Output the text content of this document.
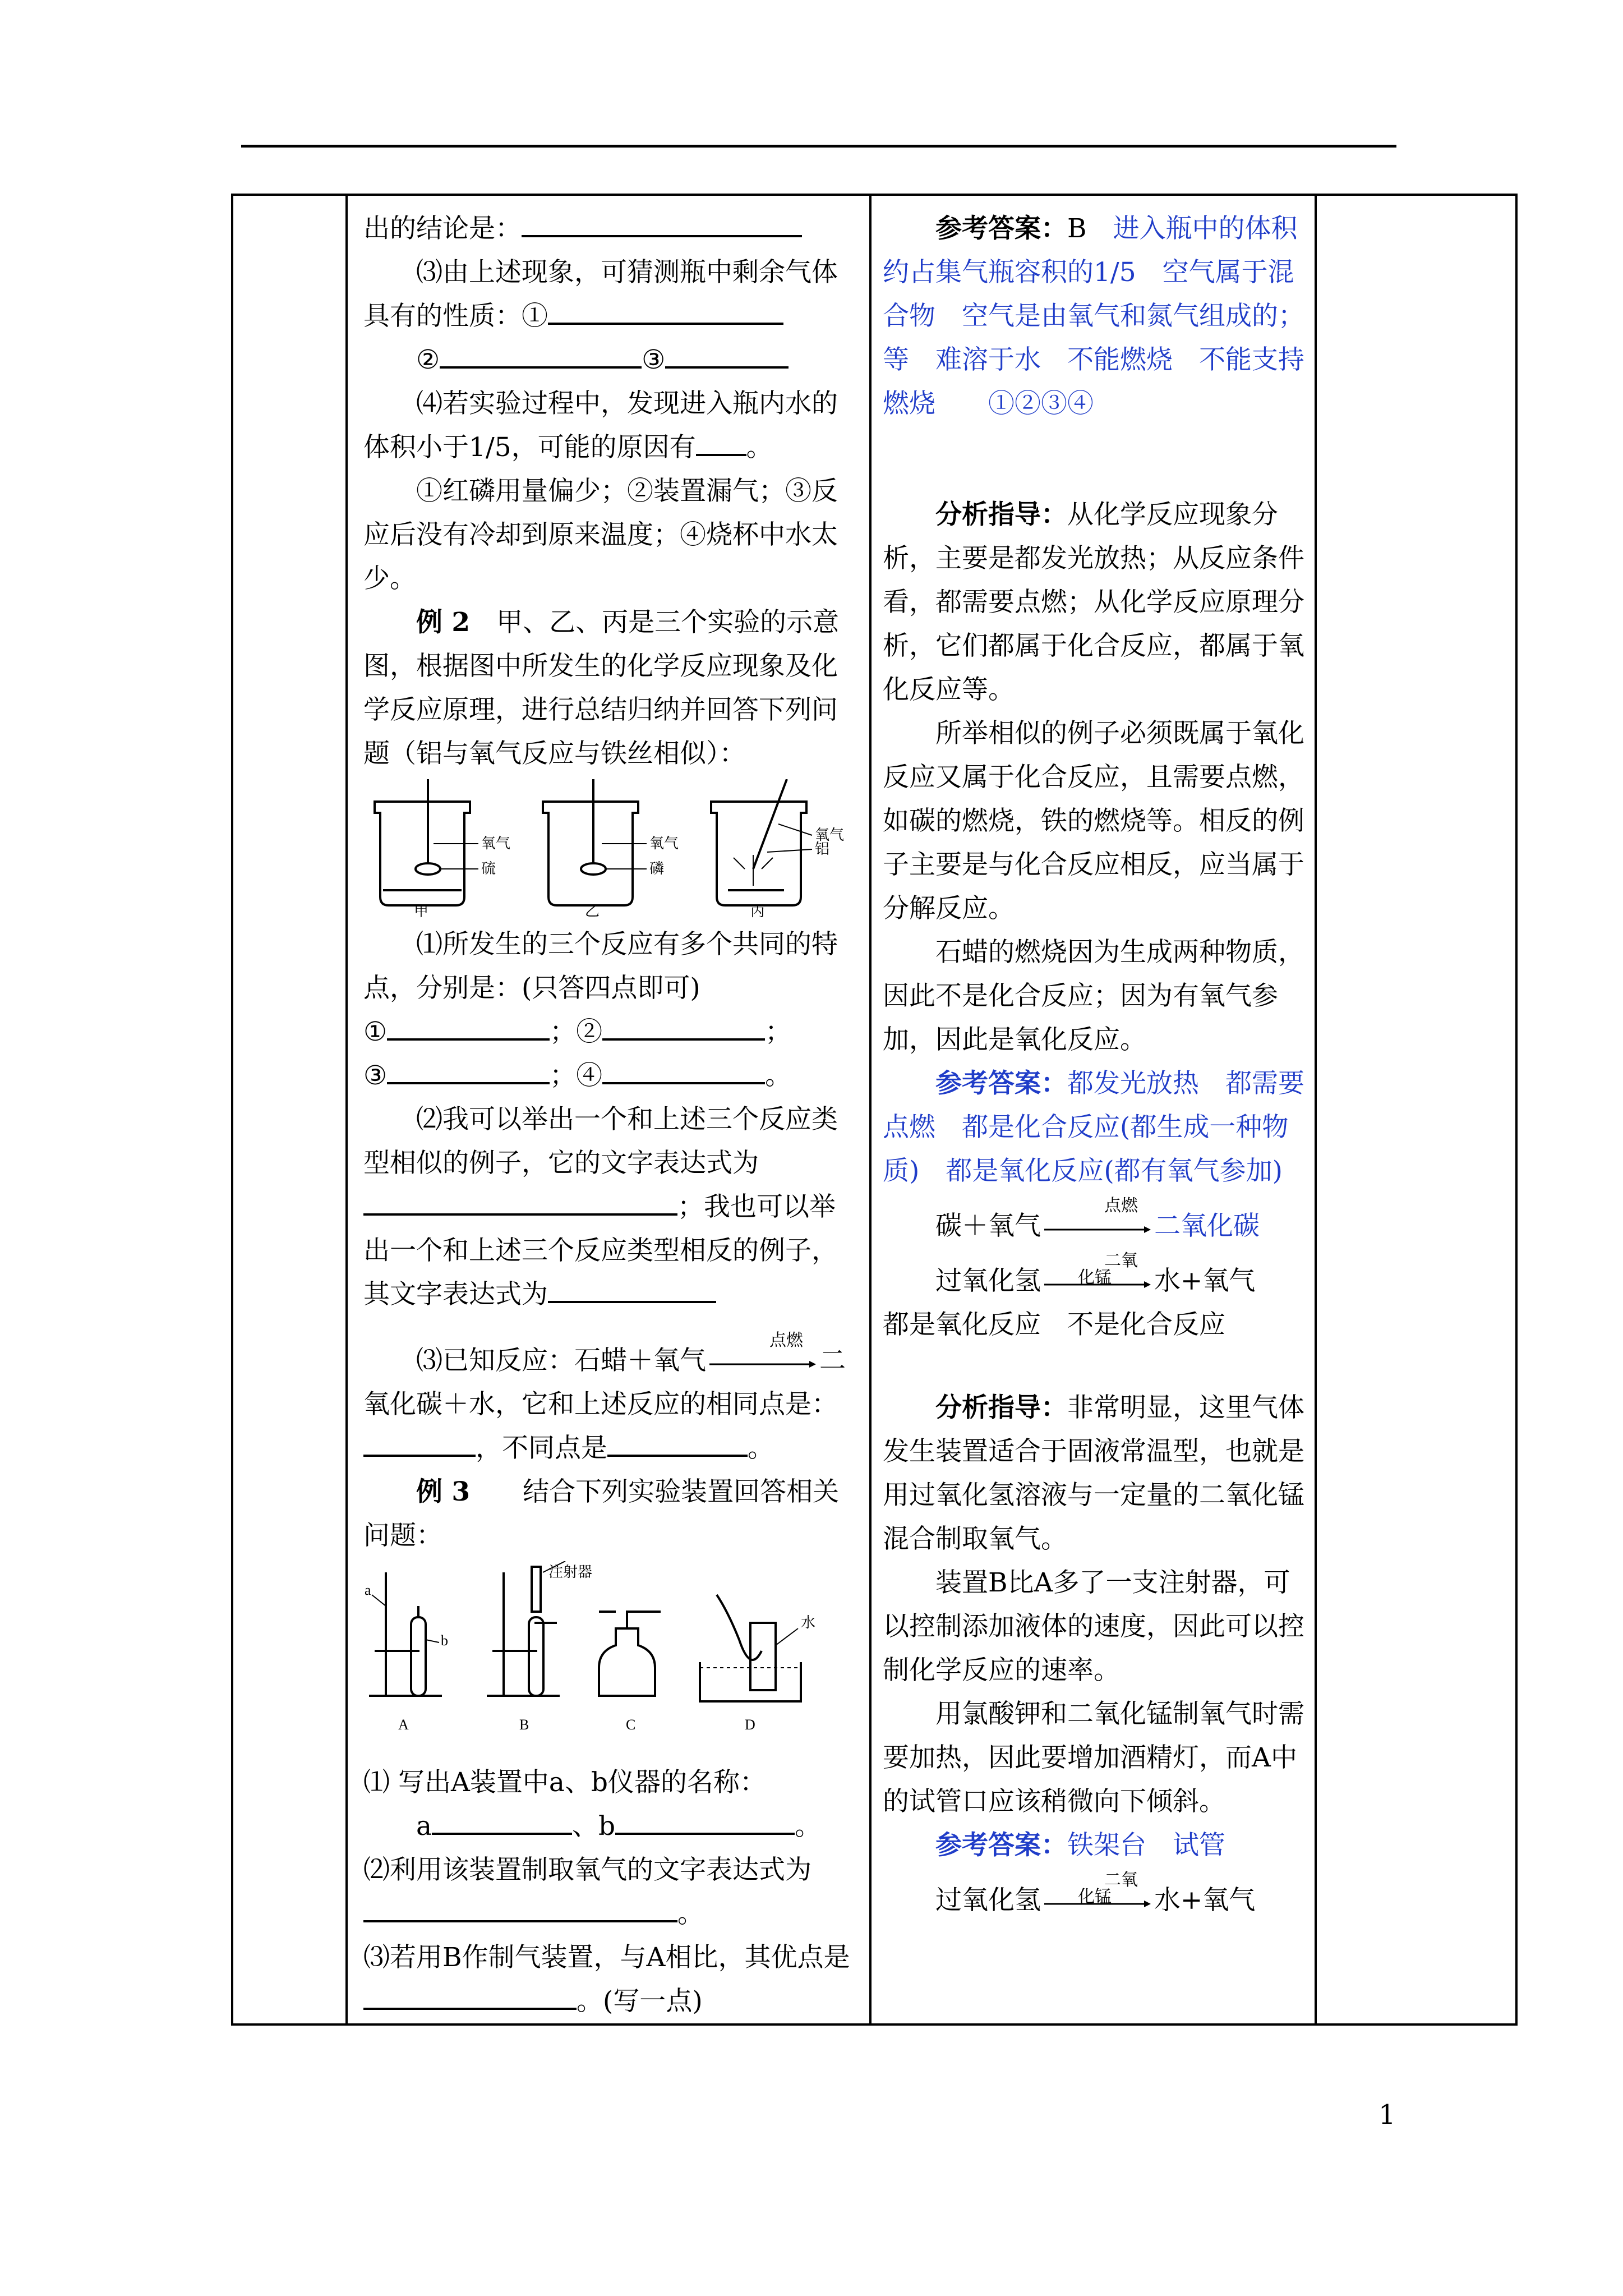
出的结论是：

⑶由上述现象，可猜测瓶中剩余气体具有的性质：①

②	③

⑷若实验过程中，发现进入瓶内水的体积小于1/5，可能的原因有 。

①红磷用量偏少；②装置漏气；③反应后没有冷却到原来温度；④烧杯中水太少。

例 2　 甲、乙、丙是三个实验的示意图，根据图中所发生的化学反应现象及化学反应原理，进行总结归纳并回答下列问题（铝与氧气反应与铁丝相似）：

氧气
硫
氧气
磷
氧气
铝
甲	乙	丙

⑴所发生的三个反应有多个共同的特点，分别是：(只答四点即可)

①	；②	；

③	；④	。

⑵我可以举出一个和上述三个反应类型相似的例子，它的文字表达式为
；我也可以举出一个和上述三个反应类型相反的例子，其文字表达式为

⑶已知反应：石蜡＋氧气
点燃
二氧化碳＋水，它和上述反应的相同点是：，不同点是	。

例 3　　 结合下列实验装置回答相关问题：

a
b
注射器
水
A	B	C	D

⑴ 写出A装置中a、b仪器的名称：

a	、b	。

⑵利用该装置制取氧气的文字表达式为。

⑶若用B作制气装置，与A相比，其优点是。(写一点)

参考答案：B　 进入瓶中的体积约占集气瓶容积的1/5　空气属于混合物　空气是由氧气和氮气组成的；等　难溶于水　不能燃烧　不能支持燃烧　　①②③④

分析指导：从化学反应现象分析，主要是都发光放热；从反应条件看，都需要点燃；从化学反应原理分析，它们都属于化合反应，都属于氧化反应等。

所举相似的例子必须既属于氧化反应又属于化合反应，且需要点燃，如碳的燃烧，铁的燃烧等。相反的例子主要是与化合反应相反，应当属于分解反应。

石蜡的燃烧因为生成两种物质，因此不是化合反应；因为有氧气参加，因此是氧化反应。

参考答案：都发光放热　都需要点燃　都是化合反应(都生成一种物质)　都是氧化反应(都有氧气参加)

碳＋氧气
点燃
二氧化碳

过氧化氢
二氧化锰	水+氧气

都是氧化反应　不是化合反应

分析指导：非常明显，这里气体发生装置适合于固液常温型，也就是用过氧化氢溶液与一定量的二氧化锰混合制取氧气。

装置B比A多了一支注射器，可以控制添加液体的速度，因此可以控制化学反应的速率。

用氯酸钾和二氧化锰制氧气时需要加热，因此要增加酒精灯，而A中的试管口应该稍微向下倾斜。

参考答案：铁架台　试管

过氧化氢
二氧化锰	水+氧气

1
